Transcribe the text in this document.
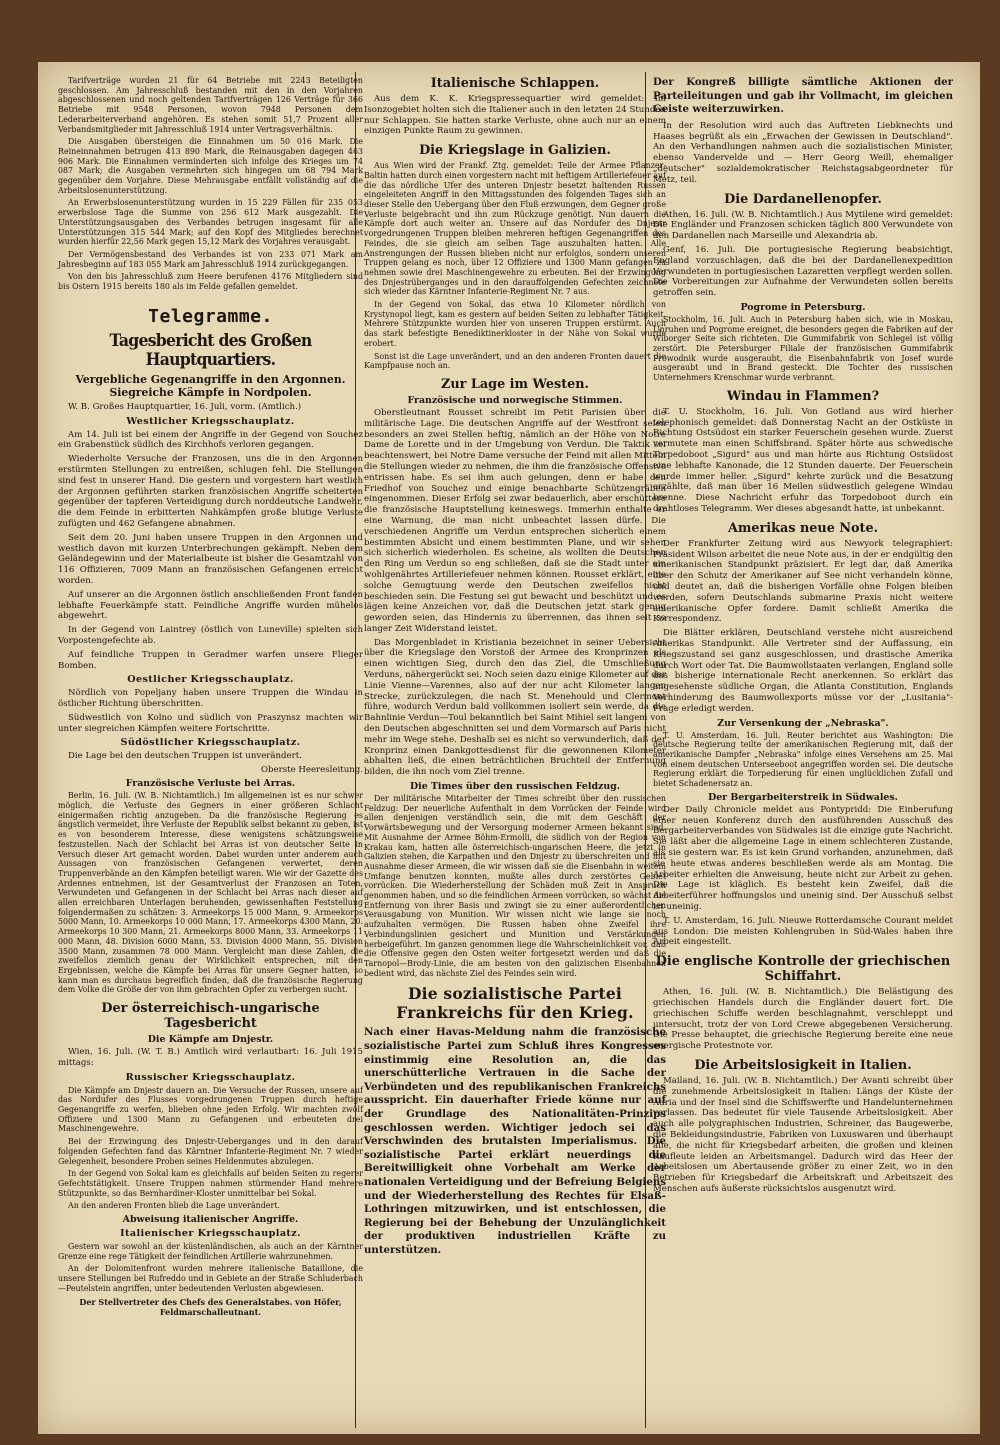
Tarifverträge wurden 21 für 64 Betriebe mit 2243 Beteiligten geschlossen. Am Jahresschluß bestanden mit den in den Vorjahren abgeschlossenen und noch geltenden Tarifverträgen 126 Verträge für 366 Betriebe mit 9548 Personen, wovon 7948 Personen dem Lederarbeiterverband angehören. Es stehen somit 51,7 Prozent aller Verbandsmitglieder mit Jahresschluß 1914 unter Vertragsverhältnis.

Die Ausgaben übersteigen die Einnahmen um 50 016 Mark. Die Reineinnahmen betrugen 413 890 Mark, die Reinausgaben dagegen 463 906 Mark. Die Einnahmen verminderten sich infolge des Krieges um 74 087 Mark; die Ausgaben vermehrten sich hingegen um 68 794 Mark gegenüber dem Vorjahre. Diese Mehrausgabe entfällt vollständig auf die Arbeitslosenunterstützung.

An Erwerbslosenunterstützung wurden in 15 229 Fällen für 235 053 erwerbslose Tage die Summe von 256 612 Mark ausgezahlt. Die Unterstützungsausgaben des Verbandes betrugen insgesamt für alle Unterstützungen 315 544 Mark; auf den Kopf des Mitgliedes berechnet wurden hierfür 22,56 Mark gegen 15,12 Mark des Vorjahres verausgabt.

Der Vermögensbestand des Verbandes ist von 233 071 Mark am Jahresbeginn auf 183 055 Mark am Jahresschluß 1914 zurückgegangen.

Von den bis Jahresschluß zum Heere berufenen 4176 Mitgliedern sind bis Ostern 1915 bereits 180 als im Felde gefallen gemeldet.

Telegramme.
Tagesbericht des Großen Hauptquartiers.
Vergebliche Gegenangriffe in den Argonnen. Siegreiche Kämpfe in Nordpolen.

W. B. Großes Hauptquartier, 16. Juli, vorm. (Amtlich.)

Westlicher Kriegsschauplatz.

Am 14. Juli ist bei einem der Angriffe in der Gegend von Souchez ein Grabenstück südlich des Kirchhofs verloren gegangen.

Wiederholte Versuche der Franzosen, uns die in den Argonnen erstürmten Stellungen zu entreißen, schlugen fehl. Die Stellungen sind fest in unserer Hand. Die gestern und vorgestern hart westlich der Argonnen geführten starken französischen Angriffe scheiterten gegenüber der tapferen Verteidigung durch norddeutsche Landwehr, die dem Feinde in erbitterten Nahkämpfen große blutige Verluste zufügten und 462 Gefangene abnahmen.

Seit dem 20. Juni haben unsere Truppen in den Argonnen und westlich davon mit kurzen Unterbrechungen gekämpft. Neben dem Geländegewinn und der Materialbeute ist bisher die Gesamtzahl von 116 Offizieren, 7009 Mann an französischen Gefangenen erreicht worden.

Auf unserer an die Argonnen östlich anschließenden Front fanden lebhafte Feuerkämpfe statt. Feindliche Angriffe wurden mühelos abgewehrt.

In der Gegend von Laintrey (östlich von Luneville) spielten sich Vorpostengefechte ab.

Auf feindliche Truppen in Geradmer warfen unsere Flieger Bomben.

Oestlicher Kriegsschauplatz.

Nördlich von Popeljany haben unsere Truppen die Windau in östlicher Richtung überschritten.

Südwestlich von Kolno und südlich von Praszynsz machten wir unter siegreichen Kämpfen weitere Fortschritte.

Südöstlicher Kriegsschauplatz.

Die Lage bei den deutschen Truppen ist unverändert.

Oberste Heeresleitung.
Französische Verluste bei Arras.

Berlin, 16. Juli. (W. B. Nichtamtlich.) Im allgemeinen ist es nur schwer möglich, die Verluste des Gegners in einer größeren Schlacht einigermaßen richtig anzugeben. Da die französische Regierung es ängstlich vermeidet, ihre Verluste der Republik selbst bekannt zu geben, ist es von besonderem Interesse, diese wenigstens schätzungsweise festzustellen. Nach der Schlacht bei Arras ist von deutscher Seite in Versuch dieser Art gemacht worden. Dabei wurden unter anderem auch Aussagen von französischen Gefangenen verwertet, deren Truppenverbände an den Kämpfen beteiligt waren. Wie wir der Gazette des Ardennes entnehmen, ist der Gesamtverlust der Franzosen an Toten, Verwundeten und Gefangenen in der Schlacht bei Arras nach dieser auf allen erreichbaren Unterlagen beruhenden, gewissenhaften Feststellung folgendermaßen zu schätzen: 3. Armeekorps 15 000 Mann, 9. Armeekorps 5000 Mann, 10. Armeekorps 10 000 Mann, 17. Armeekorps 4300 Mann, 20. Armeekorps 10 300 Mann, 21. Armeekorps 8000 Mann, 33. Armeekorps 11 000 Mann, 48. Division 6000 Mann, 53. Division 4000 Mann, 55. Division 3500 Mann, zusammen 78 000 Mann. Vergleicht man diese Zahlen, die zweifellos ziemlich genau der Wirklichkeit entsprechen, mit den Ergebnissen, welche die Kämpfe bei Arras für unsere Gegner hatten, so kann man es durchaus begreiflich finden, daß die französische Regierung dem Volke die Größe der von ihm gebrachten Opfer zu verbergen sucht.

Der österreichisch-ungarische Tagesbericht
Die Kämpfe am Dnjestr.

Wien, 16. Juli. (W. T. B.) Amtlich wird verlautbart: 16. Juli 1915 mittags:

Russischer Kriegsschauplatz.

Die Kämpfe am Dnjestr dauern an. Die Versuche der Russen, unsere auf das Nordufer des Flusses vorgedrungenen Truppen durch heftige Gegenangriffe zu werfen, blieben ohne jeden Erfolg. Wir machten zwölf Offiziere und 1300 Mann zu Gefangenen und erbeuteten drei Maschinengewehre.

Bei der Erzwingung des Dnjestr-Ueberganges und in den darauf folgenden Gefechten fand das Kärntner Infanterie-Regiment Nr. 7 wieder Gelegenheit, besondere Proben seines Heldenmutes abzulegen.

In der Gegend von Sokal kam es gleichfalls auf beiden Seiten zu regerer Gefechtstätigkeit. Unsere Truppen nahmen stürmender Hand mehrere Stützpunkte, so das Bernhardiner-Kloster unmittelbar bei Sokal.

An den anderen Fronten blieb die Lage unverändert.

Abweisung italienischer Angriffe.
Italienischer Kriegsschauplatz.

Gestern war sowohl an der küstenländischen, als auch an der Kärntner Grenze eine rege Tätigkeit der feindlichen Artillerie wahrzunehmen.

An der Dolomitenfront wurden mehrere italienische Bataillone, die unsere Stellungen bei Rufreddo und in Gebiete an der Straße Schluderbach—Peutelstein angriffen, unter bedeutenden Verlusten abgewiesen.

Der Stellvertreter des Chefs des Generalstabes. von Höfer, Feldmarschalleutnant.
Italienische Schlappen.

Aus dem K. K. Kriegspressequartier wird gemeldet: Im Isonzogebiet holten sich die Italiener auch in den letzten 24 Stunden nur Schlappen. Sie hatten starke Verluste, ohne auch nur an einem einzigen Punkte Raum zu gewinnen.

Die Kriegslage in Galizien.

Aus Wien wird der Frankf. Ztg. gemeldet: Teile der Armee Pflanzer-Baltin hatten durch einen vorgestern nacht mit heftigem Artilleriefeuer auf die das nördliche Ufer des unteren Dnjestr besetzt haltenden Russen eingeleiteten Angriff in den Mittagsstunden des folgenden Tages sich an dieser Stelle den Uebergang über den Fluß erzwungen, dem Gegner große Verluste beigebracht und ihn zum Rückzuge genötigt. Nun dauern die Kämpfe dort auch weiter an. Unsere auf das Nordufer des Dnjestr vorgedrungenen Truppen bleiben mehreren heftigen Gegenangriffen des Feindes, die sie gleich am selben Tage auszuhalten hatten. Alle Anstrengungen der Russen blieben nicht nur erfolglos, sondern unseren Truppen gelang es noch, über 12 Offiziere und 1300 Mann gefangen zu nehmen sowie drei Maschinengewehre zu erbeuten. Bei der Erzwingung des Dnjestrüberganges und in den darauffolgenden Gefechten zeichnete sich wieder das Kärntner Infanterie-Regiment Nr. 7 aus.

In der Gegend von Sokal, das etwa 10 Kilometer nördlich von Krystynopol liegt, kam es gestern auf beiden Seiten zu lebhafter Tätigkeit. Mehrere Stützpunkte wurden hier von unseren Truppen erstürmt. Auch das stark befestigte Benediktinerkloster in der Nähe von Sokal wurde erobert.

Sonst ist die Lage unverändert, und an den anderen Fronten dauert die Kampfpause noch an.

Zur Lage im Westen.
Französische und norwegische Stimmen.

Oberstleutnant Rousset schreibt im Petit Parisien über die militärische Lage. Die deutschen Angriffe auf der Westfront seien besonders an zwei Stellen heftig, nämlich an der Höhe von Notre Dame de Lorette und in der Umgebung von Verdun. Die Taktik sei beachtenswert, bei Notre Dame versuche der Feind mit allen Mitteln die Stellungen wieder zu nehmen, die ihm die französische Offensive entrissen habe. Es sei ihm auch gelungen, denn er habe den Friedhof von Souchez und einige benachbarte Schützengräben eingenommen. Dieser Erfolg sei zwar bedauerlich, aber erschüttere die französische Hauptstellung keineswegs. Immerhin enthalte er eine Warnung, die man nicht unbeachtet lassen dürfe. Die verschiedenen Angriffe um Verdun entsprechen sicherlich einem bestimmten Absicht und einem bestimmten Plane, und wir sehen sich sicherlich wiederholen. Es scheine, als wollten die Deutschen den Ring um Verdun so eng schließen, daß sie die Stadt unter ein wohlgenährtes Artilleriefeuer nehmen können. Rousset erklärt, eine solche Genugtuung werde den Deutschen zweifellos nicht beschieden sein. Die Festung sei gut bewacht und beschützt und es lägen keine Anzeichen vor, daß die Deutschen jetzt stark genug geworden seien, das Hindernis zu überrennen, das ihnen seit so langer Zeit Widerstand leistet.

Das Morgenbladet in Kristiania bezeichnet in seiner Uebersicht über die Kriegslage den Vorstoß der Armee des Kronprinzen als einen wichtigen Sieg, durch den das Ziel, die Umschließung Verduns, nähergerückt sei. Noch seien dazu einige Kilometer auf der Linie Vienne—Varennes, also auf der nur acht Kilometer langen Strecke, zurückzulegen, die nach St. Menehould und Clermont führe, wodurch Verdun bald vollkommen isoliert sein werde, da die Bahnlinie Verdun—Toul bekanntlich bei Saint Mihiel seit langem von den Deutschen abgeschnitten sei und dem Vormarsch auf Paris nicht mehr im Wege stehe. Deshalb sei es nicht so verwunderlich, daß der Kronprinz einen Dankgottesdienst für die gewonnenen Kilometer abhalten ließ, die einen beträchtlichen Bruchteil der Entfernung bilden, die ihn noch vom Ziel trenne.

Die Times über den russischen Feldzug.

Der militärische Mitarbeiter der Times schreibt über den russischen Feldzug: Der neuerliche Aufenthalt in dem Vorrücken der Feinde wird allen denjenigen verständlich sein, die mit dem Geschäft der Vorwärtsbewegung und der Versorgung moderner Armeen bekannt sind. Mit Ausnahme der Armee Böhm-Ermolli, die südlich von der Region von Krakau kam, hatten alle österreichisch-ungarischen Heere, die jetzt in Galizien stehen, die Karpathen und den Dnjestr zu überschreiten und mit Ausnahme dieser Armeen, die wir wissen daß sie die Eisenbahn in weitem Umfange benutzen konnten, mußte alles durch zerstörtes Gebiet vorrücken. Die Wiederherstellung der Schäden muß Zeit in Anspruch genommen haben, und so die feindlichen Armeen vorrücken, so wächst die Entfernung von ihrer Basis und zwingt sie zu einer außerordentlichen Verausgabung von Munition. Wir wissen nicht wie lange sie noch aufzuhalten vermögen. Die Russen haben ohne Zweifel ihre Verbindungslinien gesichert und Munition und Verstärkungen herbeigeführt. Im ganzen genommen liege die Wahrscheinlichkeit vor, daß die Offensive gegen den Osten weiter fortgesetzt werden und daß die Tarnopol—Brody-Linie, die am besten von den galizischen Eisenbahnen bedient wird, das nächste Ziel des Feindes sein wird.

Die sozialistische Partei Frankreichs für den Krieg.
Nach einer Havas-Meldung nahm die französische sozialistische Partei zum Schluß ihres Kongresses einstimmig eine Resolution an, die das unerschütterliche Vertrauen in die Sache der Verbündeten und des republikanischen Frankreichs ausspricht. Ein dauerhafter Friede könne nur auf der Grundlage des Nationalitäten-Prinzips geschlossen werden. Wichtiger jedoch sei das Verschwinden des brutalsten Imperialismus. Die sozialistische Partei erklärt neuerdings die Bereitwilligkeit ohne Vorbehalt am Werke der nationalen Verteidigung und der Befreiung Belgiens und der Wiederherstellung des Rechtes für Elsaß-Lothringen mitzuwirken, und ist entschlossen, die Regierung bei der Behebung der Unzulänglichkeit der produktiven industriellen Kräfte zu unterstützen.
Der Kongreß billigte sämtliche Aktionen der Parteileitungen und gab ihr Vollmacht, im gleichen Geiste weiterzuwirken.

In der Resolution wird auch das Auftreten Liebknechts und Haases begrüßt als ein „Erwachen der Gewissen in Deutschland". An den Verhandlungen nahmen auch die sozialistischen Minister, ebenso Vandervelde und — Herr Georg Weill, ehemaliger „deutscher" sozialdemokratischer Reichstagsabgeordneter für Metz, teil.

Die Dardanellenopfer.

Athen, 16. Juli. (W. B. Nichtamtlich.) Aus Mytilene wird gemeldet: Die Engländer und Franzosen schicken täglich 800 Verwundete von den Dardanellen nach Marseille und Alexandria ab.

Genf, 16. Juli. Die portugiesische Regierung beabsichtigt, England vorzuschlagen, daß die bei der Dardanellenexpedition Verwundeten in portugiesischen Lazaretten verpflegt werden sollen. Die Vorbereitungen zur Aufnahme der Verwundeten sollen bereits getroffen sein.

Pogrome in Petersburg.

Stockholm, 16. Juli. Auch in Petersburg haben sich, wie in Moskau, Unruhen und Pogrome ereignet, die besonders gegen die Fabriken auf der Wiborger Seite sich richteten. Die Gummifabrik von Schlegel ist völlig zerstört. Die Petersburger Filiale der französischen Gummifabrik Prowodnik wurde ausgeraubt, die Eisenbahnfabrik von Josef wurde ausgeraubt und in Brand gesteckt. Die Tochter des russischen Unternehmers Krenschmar wurde verbrannt.

Windau in Flammen?

T. U. Stockholm, 16. Juli. Von Gotland aus wird hierher telephonisch gemeldet: daß Donnerstag Nacht an der Ostküste in Richtung Ostsüdost ein starker Feuerschein gesehen wurde. Zuerst vermutete man einen Schiffsbrand. Später hörte aus schwedische Torpedoboot „Sigurd" aus und man hörte aus Richtung Ostsüdost eine lebhafte Kanonade, die 12 Stunden dauerte. Der Feuerschein wurde immer heller. „Sigurd" kehrte zurück und die Besatzung erzählte, daß man über 16 Meilen südwestlich gelegene Windau brenne. Diese Nachricht erfuhr das Torpedoboot durch ein drahtloses Telegramm. Wer dieses abgesandt hatte, ist unbekannt.

Amerikas neue Note.

Der Frankfurter Zeitung wird aus Newyork telegraphiert: Präsident Wilson arbeitet die neue Note aus, in der er endgültig den amerikanischen Standpunkt präzisiert. Er legt dar, daß Amerika über den Schutz der Amerikaner auf See nicht verhandeln könne, und deutet an, daß die bisherigen Vorfälle ohne Folgen bleiben werden, sofern Deutschlands submarine Praxis nicht weitere amerikanische Opfer fordere. Damit schließt Amerika die Korrespondenz.

Die Blätter erklären, Deutschland verstehe nicht ausreichend Amerikas Standpunkt. Alle Vertreter sind der Auffassung, ein Kriegszustand sei ganz ausgeschlossen, und drastische Amerika durch Wort oder Tat. Die Baumwollstaaten verlangen, England solle das bisherige internationale Recht anerkennen. So erklärt das angesehenste südliche Organ, die Atlanta Constitution, Englands Verhinderung des Baumwollexports müsse vor der „Lusitania"-Frage erledigt werden.

Zur Versenkung der „Nebraska".

T. U. Amsterdam, 16. Juli. Reuter berichtet aus Washington: Die deutsche Regierung teilte der amerikanischen Regierung mit, daß der amerikanische Dampfer „Nebraska" infolge eines Versehens am 25. Mai von einem deutschen Unterseeboot angegriffen worden sei. Die deutsche Regierung erklärt die Torpedierung für einen unglücklichen Zufall und bietet Schadenersatz an.

Der Bergarbeiterstreik in Südwales.

Der Daily Chronicle meldet aus Pontypridd: Die Einberufung einer neuen Konferenz durch den ausführenden Ausschuß des Bergarbeiterverbandes von Südwales ist die einzige gute Nachricht. Sie läßt aber die allgemeine Lage in einem schlechteren Zustande, als sie gestern war. Es ist kein Grund vorhanden, anzunehmen, daß sie heute etwas anderes beschließen werde als am Montag. Die Arbeiter erhielten die Anweisung, heute nicht zur Arbeit zu gehen. Die Lage ist kläglich. Es besteht kein Zweifel, daß die Arbeiterführer hoffnungslos und uneinig sind. Der Ausschuß selbst ist uneinig.

T. U. Amsterdam, 16. Juli. Nieuwe Rotterdamsche Courant meldet aus London: Die meisten Kohlengruben in Süd-Wales haben ihre Arbeit eingestellt.

Die englische Kontrolle der griechischen Schiffahrt.

Athen, 16. Juli. (W. B. Nichtamtlich.) Die Belästigung des griechischen Handels durch die Engländer dauert fort. Die griechischen Schiffe werden beschlagnahmt, verschleppt und untersucht, trotz der von Lord Crewe abgegebenen Versicherung. Die Presse behauptet, die griechische Regierung bereite eine neue energische Protestnote vor.

Die Arbeitslosigkeit in Italien.

Mailand, 16. Juli. (W. B. Nichtamtlich.) Der Avanti schreibt über die zunehmende Arbeitslosigkeit in Italien: Längs der Küste der Adria und der Insel sind die Schiffswerfte und Handelunternehmen verlassen. Das bedeutet für viele Tausende Arbeitslosigkeit. Aber auch alle polygraphischen Industrien, Schreiner, das Baugewerbe, die Bekleidungsindustrie, Fabriken von Luxuswaren und überhaupt alle, die nicht für Kriegsbedarf arbeiten, die großen und kleinen Kaufleute leiden an Arbeitsmangel. Dadurch wird das Heer der Arbeitslosen um Abertausende größer zu einer Zeit, wo in den Betrieben für Kriegsbedarf die Arbeitskraft und Arbeitszeit des Menschen aufs äußerste rücksichtslos ausgenutzt wird.
